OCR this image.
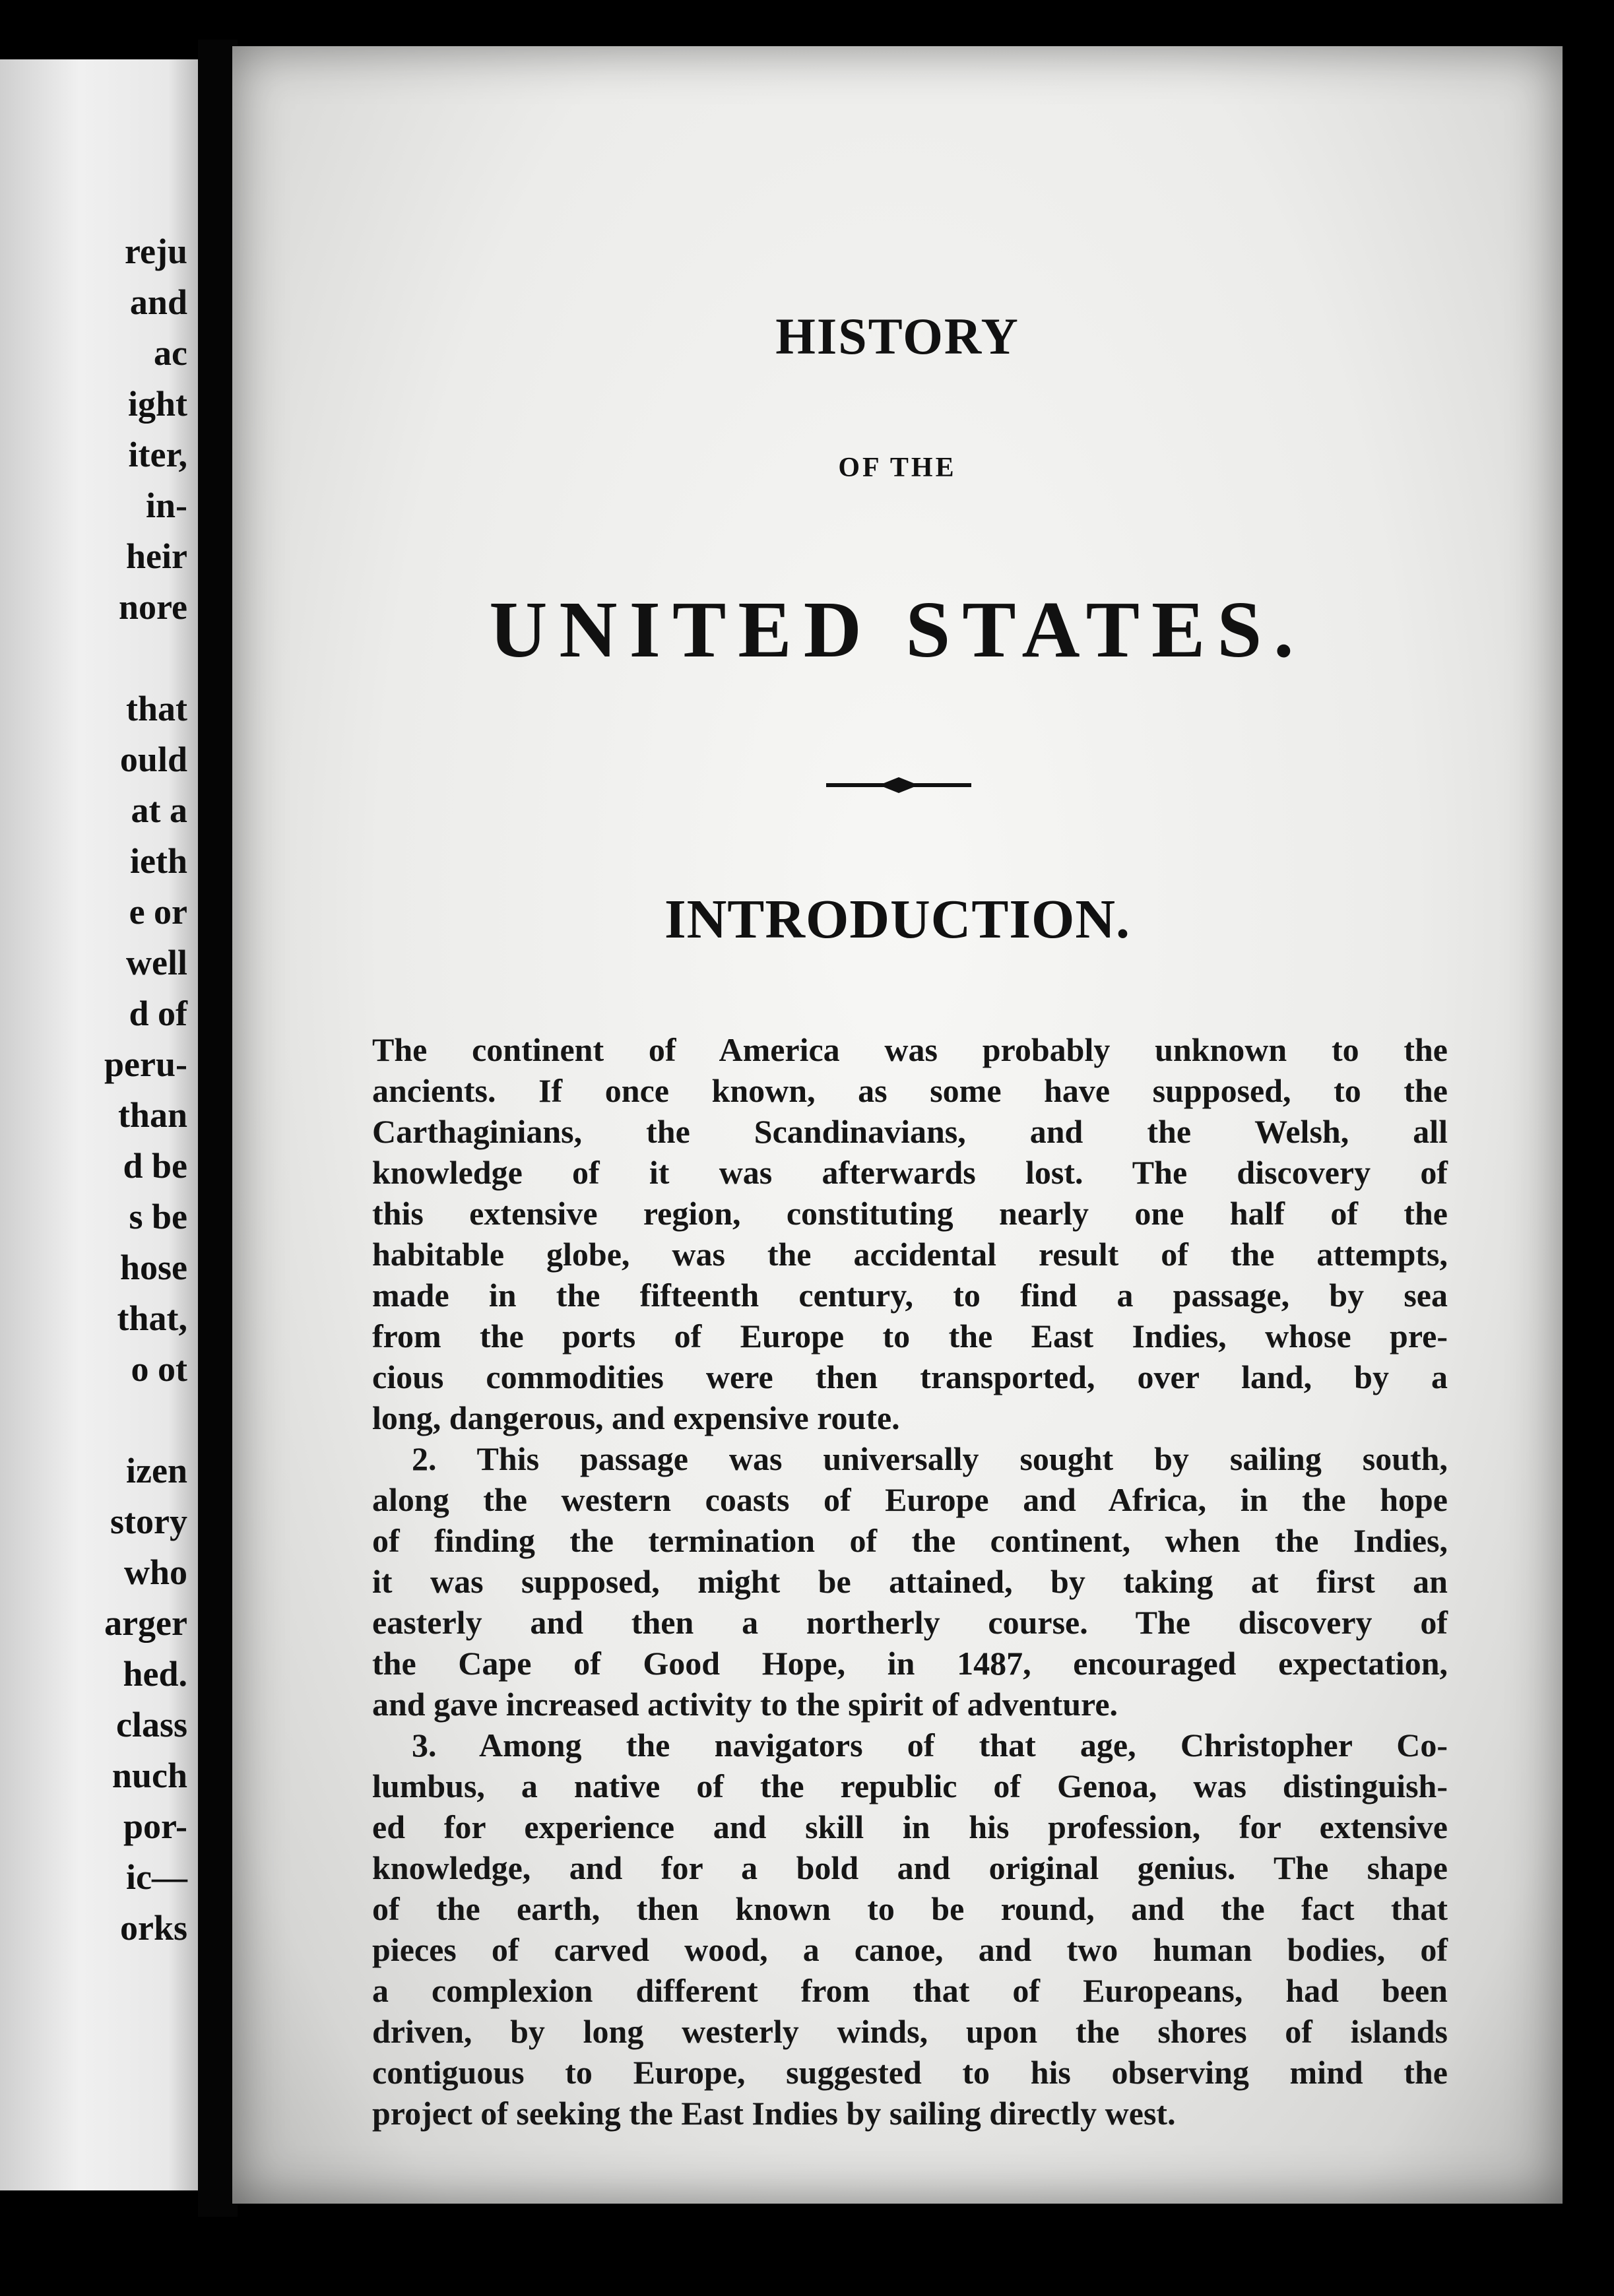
reju
and
ac
ight
iter,
in-
heir
nore
that
ould
at a
ieth
e or
well
d of
peru-
than
d be
s be
hose
that,
o ot
izen
story
who
arger
hed.
class
nuch
por-
ic—
orks
HISTORY
OF THE
UNITED STATES.
INTRODUCTION.
The continent of America was probably unknown to the
ancients. If once known, as some have supposed, to the
Carthaginians, the Scandinavians, and the Welsh, all
knowledge of it was afterwards lost. The discovery of
this extensive region, constituting nearly one half of the
habitable globe, was the accidental result of the attempts,
made in the fifteenth century, to find a passage, by sea
from the ports of Europe to the East Indies, whose pre-
cious commodities were then transported, over land, by a
long, dangerous, and expensive route.
2. This passage was universally sought by sailing south,
along the western coasts of Europe and Africa, in the hope
of finding the termination of the continent, when the Indies,
it was supposed, might be attained, by taking at first an
easterly and then a northerly course. The discovery of
the Cape of Good Hope, in 1487, encouraged expectation,
and gave increased activity to the spirit of adventure.
3. Among the navigators of that age, Christopher Co-
lumbus, a native of the republic of Genoa, was distinguish-
ed for experience and skill in his profession, for extensive
knowledge, and for a bold and original genius. The shape
of the earth, then known to be round, and the fact that
pieces of carved wood, a canoe, and two human bodies, of
a complexion different from that of Europeans, had been
driven, by long westerly winds, upon the shores of islands
contiguous to Europe, suggested to his observing mind the
project of seeking the East Indies by sailing directly west.
